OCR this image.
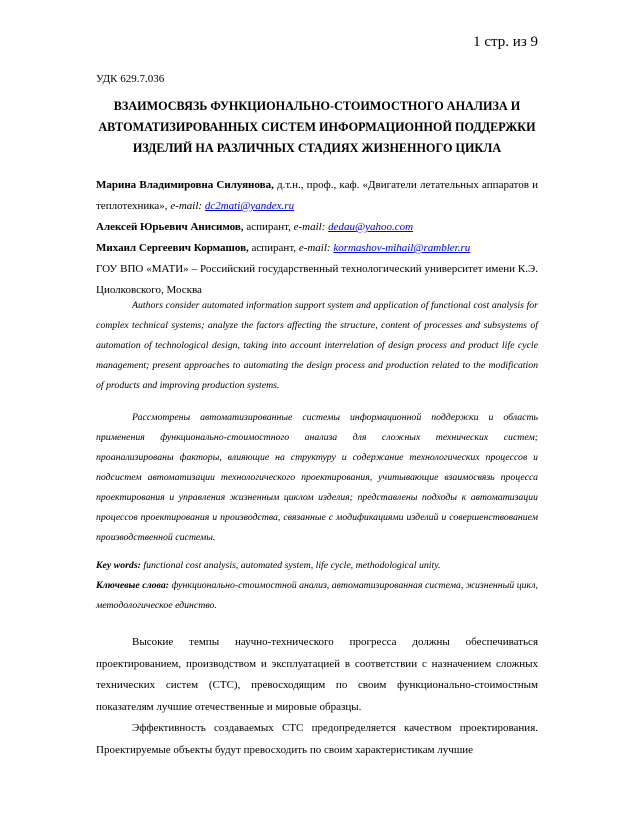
1 стр. из 9
УДК 629.7.036
ВЗАИМОСВЯЗЬ ФУНКЦИОНАЛЬНО-СТОИМОСТНОГО АНАЛИЗА И АВТОМАТИЗИРОВАННЫХ СИСТЕМ ИНФОРМАЦИОННОЙ ПОДДЕРЖКИ ИЗДЕЛИЙ НА РАЗЛИЧНЫХ СТАДИЯХ ЖИЗНЕННОГО ЦИКЛА

Марина Владимировна Силуянова, д.т.н., проф., каф. «Двигатели летательных аппаратов и теплотехника», e-mail: dc2mati@yandex.ru

Алексей Юрьевич Анисимов, аспирант, e-mail: dedau@yahoo.com

Михаил Сергеевич Кормашов, аспирант, e-mail: kormashov-mihail@rambler.ru

ГОУ ВПО «МАТИ» – Российский государственный технологический университет имени К.Э. Циолковского, Москва

Authors consider automated information support system and application of functional cost analysis for complex technical systems; analyze the factors affecting the structure, content of processes and subsystems of automation of technological design, taking into account interrelation of design process and product life cycle management; present approaches to automating the design process and production related to the modification of products and improving production systems.

Рассмотрены автоматизированные системы информационной поддержки и область применения функционально-стоимостного анализа для сложных технических систем; проанализированы факторы, влияющие на структуру и содержание технологических процессов и подсистем автоматизации технологического проектирования, учитывающие взаимосвязь процесса проектирования и управления жизненным циклом изделия; представлены подходы к автоматизации процессов проектирования и производства, связанные с модификациями изделий и совершенствованием производственной системы.

Key words: functional cost analysis, automated system, life cycle, methodological unity.

Ключевые слова: функционально-стоимостной анализ, автоматизированная система, жизненный цикл, методологическое единство.

Высокие темпы научно-технического прогресса должны обеспечиваться проектированием, производством и эксплуатацией в соответствии с назначением сложных технических систем (СТС), превосходящим по своим функционально-стоимостным показателям лучшие отечественные и мировые образцы.

Эффективность создаваемых СТС предопределяется качеством проектирования. Проектируемые объекты будут превосходить по своим характеристикам лучшие
